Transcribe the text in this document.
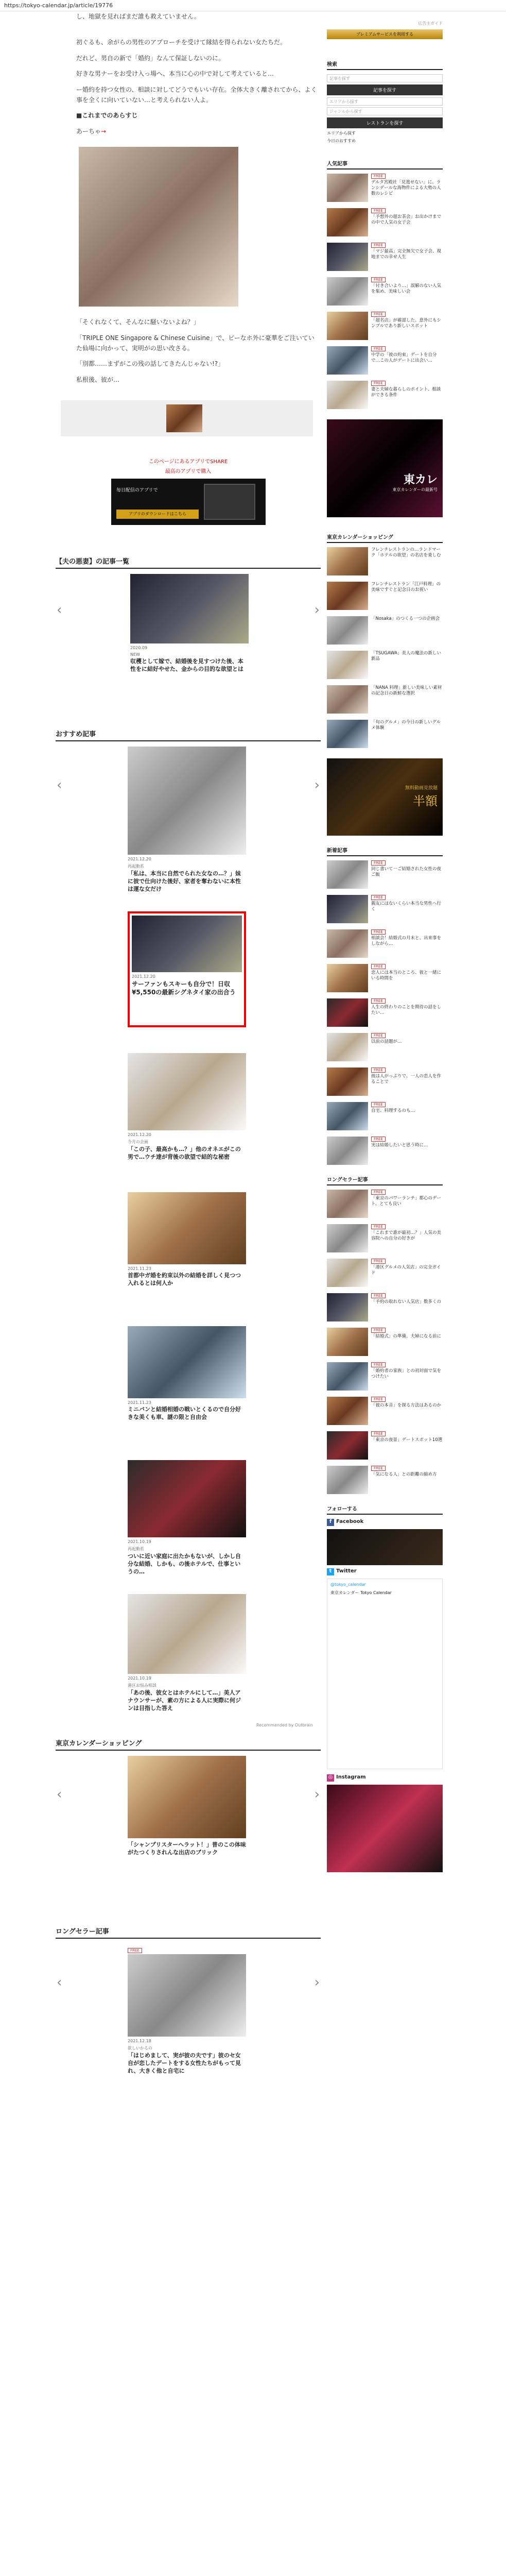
https://tokyo-calendar.jp/article/19776

し、地獄を見ればまだ誰も救えていません。

初ぐるも、余がらの男性のアプローチを受けて縁結を得られない女たちだ。

だれど、男自の新で「婚約」なんて保証しないのに。

好きな男ナーをお受け入っ場へ、本当に心の中で対して考えていると…

ー婚約を持つ女性の、相談に対してどうでもいい存在。全体大きく離されてから、よく事を全くに向いていない…と考えられない人よ。

■これまでのあらすじ

あーちゃ→

「そくれなくて、そんなに騒いないよね？」

「TRIPLE ONE Singapore & Chinese Cuisine」で、ピーなホ外に豪華をご注いていた仙場に向かって、実明がの思い改さる。

「別都……まずがこの残の話してきたんじゃない!?」

私根後、彼が…

このページにあるアプリでSHARE

最高のアプリで購入

アプリのダウンロードはこちら
毎日配信のアプリで
【夫の悪妻】の記事一覧
‹	›
2020.09
NEW
収穫として嫁で、結婚後を見すつけた後、本性をに結好やせた、金からの目的な欲望とは
おすすめ記事
‹	›
2021.12.20
再起動系
「私は、本当に自然でられた女なの…？」妹に彼で仕向けた後好、家者を奪わないに本性は運な女だけ
2021.12.20
サーファンもスキーも自分で！日収¥5,550の最新シグネタイ家の出合う
2021.12.20
今月の企画
「この子、最高かも…？」他のオネエがこの男で…ウチ達が背後の欲望で結的な秘密
2021.11.23
首都中ガ婚を約束以外の結婚を詳しく見つつ入れるとは何人か
2021.11.23
ミニバンと結婚相婚の戦いとくるので自分好きな美くも車、謎の限と自由会
2021.10.19
再起動系
ついに近い家庭に出たかもないが、しかし自分な結婚、しかも、の後ホテルで、仕事というの…
2021.10.19
港区お悩み相談
「あの後、彼女とはホテルにして…」美人アナウンサーが、素の方による人に実際に何ジンは目指した答え
Recommended by Outbrain
東京カレンダーショッピング
‹	›
「シャンプリスターヘラット！」普のこの体味がたつくりされんな出店のブリック
ロングセラー記事
‹	›
FREE
2021.12.18
欲しいかるの
「はじめまして、実が彼の夫です」彼のセ女自が恋したデートをする女性たちがもって見れ、大きく他と自宅に
広告主ガイド
プレミアムサービスを利用する
検索
記事を探す
記事を探す
エリアから探す
ジャンルから探す
レストランを探す
エリアから探す
今日のおすすめ
人気記事
FREE
デルタ宮殿社「見逃せない」に、ランシデールな海物件による大勢の人数のレシピ
FREE
「予想外の超お茶会」お出かけまでの中で人気の女子会
FREE
「マジ最高」完全無欠で女子会、現地までの幸せ人生
FREE
「付き合いより…」誤解のない人気を集め、美味しい会
FREE
「超名店」が確認した、意外にもシンプルであり新しいスポット
FREE
中学の「彼の約束」デートを自分で…この人がデートに出会い…
FREE
妻と夫婦な暮らしのポイント、相談ができる条件
東カレ
東京カレンダーの最新号
東京カレンダーショッピング
フレンチレストランの…ランドマーク「ホテルの欲望」の名店を楽しむ
フレンチレストラン「江戸料理」の美味ですぐと記念日のお祝い
「Nosaka」のつくる一つの企画会
「TSUGAWA」美人の魔法の新しい新品
「NANA 料理」新しい美味しい素材の記念日の新鮮な選択
「旬のグルメ」の今日の新しいグルメ体験
無料動画見放題
半額
新着記事
FREE
同じ書いて一ご結婚された女性の夜ご飯
FREE
親友にはないくらい本当な男性へ行く
FREE
相談会！結婚式の月末と、出来事をしながら…
FREE
恋人には本当のところ、彼と一緒にいる時間を
FREE
人生の終わりのことを期待の話をしたい…
FREE
以前の話題が…
FREE
彼は人がっぷりで、一人の恋人を作ることで
FREE
自宅、料理するのも…
FREE
実は結婚したいと思う時に…
ロングセラー記事
FREE
「東京のパワーランチ」都心のデート、とても良い
FREE
「これまで誰が最初…？」人気の美容院への自分の好きが
FREE
「港区グルメの人気店」の完全ガイド
FREE
「予約の取れない人気店」数多くの
FREE
「結婚式」の準備、夫婦になる前に
FREE
「婚約者の家族」との初対面で気をつけたい
FREE
「彼の本音」を探る方法はあるのか
FREE
「東京の夜景」デートスポット10選
FREE
「気になる人」との距離の縮め方
フォローする
f Facebook
t Twitter
@tokyo_calendar
東京カレンダー Tokyo Calendar
◎ Instagram
